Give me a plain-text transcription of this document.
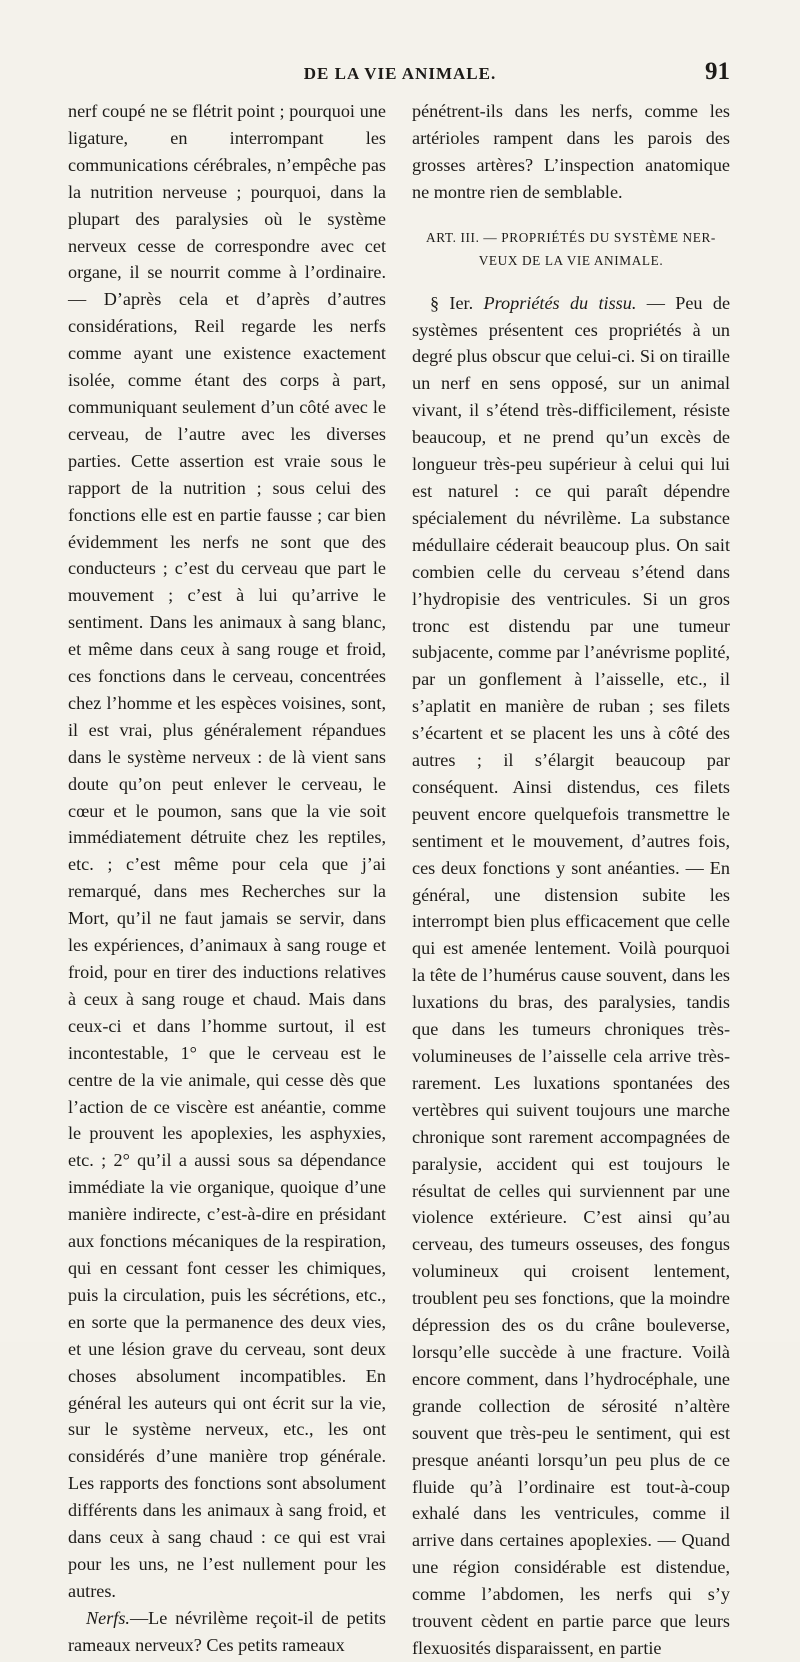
DE LA VIE ANIMALE.	91

nerf coupé ne se flétrit point ; pourquoi une ligature, en interrompant les communications cérébrales, n’empêche pas la nutrition nerveuse ; pourquoi, dans la plupart des paralysies où le système nerveux cesse de correspondre avec cet organe, il se nourrit comme à l’ordinaire. — D’après cela et d’après d’autres considérations, Reil regarde les nerfs comme ayant une existence exactement isolée, comme étant des corps à part, communiquant seulement d’un côté avec le cerveau, de l’autre avec les diverses parties. Cette assertion est vraie sous le rapport de la nutrition ; sous celui des fonctions elle est en partie fausse ; car bien évidemment les nerfs ne sont que des conducteurs ; c’est du cerveau que part le mouvement ; c’est à lui qu’arrive le sentiment. Dans les animaux à sang blanc, et même dans ceux à sang rouge et froid, ces fonctions dans le cerveau, concentrées chez l’homme et les espèces voisines, sont, il est vrai, plus généralement répandues dans le système nerveux : de là vient sans doute qu’on peut enlever le cerveau, le cœur et le poumon, sans que la vie soit immédiatement détruite chez les reptiles, etc. ; c’est même pour cela que j’ai remarqué, dans mes Recherches sur la Mort, qu’il ne faut jamais se servir, dans les expériences, d’animaux à sang rouge et froid, pour en tirer des inductions relatives à ceux à sang rouge et chaud. Mais dans ceux-ci et dans l’homme surtout, il est incontestable, 1° que le cerveau est le centre de la vie animale, qui cesse dès que l’action de ce viscère est anéantie, comme le prouvent les apoplexies, les asphyxies, etc. ; 2° qu’il a aussi sous sa dépendance immédiate la vie organique, quoique d’une manière indirecte, c’est-à-dire en présidant aux fonctions mécaniques de la respiration, qui en cessant font cesser les chimiques, puis la circulation, puis les sécrétions, etc., en sorte que la permanence des deux vies, et une lésion grave du cerveau, sont deux choses absolument incompatibles. En général les auteurs qui ont écrit sur la vie, sur le système nerveux, etc., les ont considérés d’une manière trop générale. Les rapports des fonctions sont absolument différents dans les animaux à sang froid, et dans ceux à sang chaud : ce qui est vrai pour les uns, ne l’est nullement pour les autres.

Nerfs.—Le névrilème reçoit-il de petits rameaux nerveux? Ces petits rameaux

pénétrent-ils dans les nerfs, comme les artérioles rampent dans les parois des grosses artères? L’inspection anatomique ne montre rien de semblable.

ART. III. — PROPRIÉTÉS DU SYSTÈME NER-
VEUX DE LA VIE ANIMALE.

§ Ier. Propriétés du tissu. — Peu de systèmes présentent ces propriétés à un degré plus obscur que celui-ci. Si on tiraille un nerf en sens opposé, sur un animal vivant, il s’étend très-difficilement, résiste beaucoup, et ne prend qu’un excès de longueur très-peu supérieur à celui qui lui est naturel : ce qui paraît dépendre spécialement du névrilème. La substance médullaire céderait beaucoup plus. On sait combien celle du cerveau s’étend dans l’hydropisie des ventricules. Si un gros tronc est distendu par une tumeur subjacente, comme par l’anévrisme poplité, par un gonflement à l’aisselle, etc., il s’aplatit en manière de ruban ; ses filets s’écartent et se placent les uns à côté des autres ; il s’élargit beaucoup par conséquent. Ainsi distendus, ces filets peuvent encore quelquefois transmettre le sentiment et le mouvement, d’autres fois, ces deux fonctions y sont anéanties. — En général, une distension subite les interrompt bien plus efficacement que celle qui est amenée lentement. Voilà pourquoi la tête de l’humérus cause souvent, dans les luxations du bras, des paralysies, tandis que dans les tumeurs chroniques très-volumineuses de l’aisselle cela arrive très-rarement. Les luxations spontanées des vertèbres qui suivent toujours une marche chronique sont rarement accompagnées de paralysie, accident qui est toujours le résultat de celles qui surviennent par une violence extérieure. C’est ainsi qu’au cerveau, des tumeurs osseuses, des fongus volumineux qui croisent lentement, troublent peu ses fonctions, que la moindre dépression des os du crâne bouleverse, lorsqu’elle succède à une fracture. Voilà encore comment, dans l’hydrocéphale, une grande collection de sérosité n’altère souvent que très-peu le sentiment, qui est presque anéanti lorsqu’un peu plus de ce fluide qu’à l’ordinaire est tout-à-coup exhalé dans les ventricules, comme il arrive dans certaines apoplexies. — Quand une région considérable est distendue, comme l’abdomen, les nerfs qui s’y trouvent cèdent en partie parce que leurs flexuosités disparaissent, en partie
